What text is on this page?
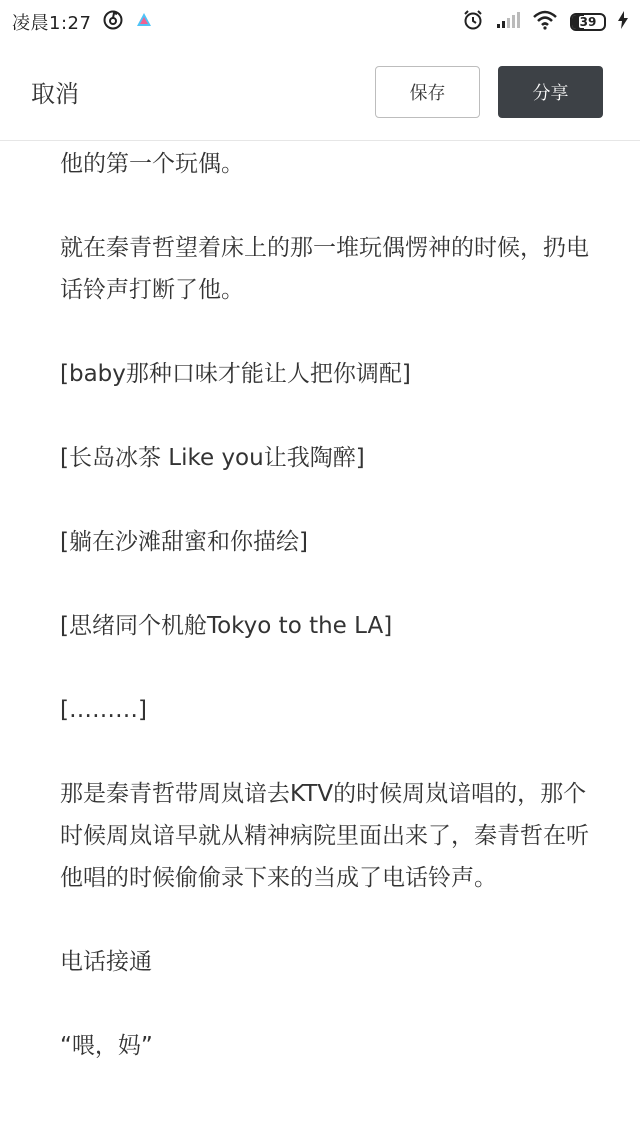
凌晨1:27	39
取消	保存	分享

他的第一个玩偶。

就在秦青哲望着床上的那一堆玩偶愣神的时候，扔电话铃声打断了他。

[baby那种口味才能让人把你调配]

[长岛冰茶 Like you让我陶醉]

[躺在沙滩甜蜜和你描绘]

[思绪同个机舱Tokyo to the LA]

[………]

那是秦青哲带周岚谙去KTV的时候周岚谙唱的，那个时候周岚谙早就从精神病院里面出来了，秦青哲在听他唱的时候偷偷录下来的当成了电话铃声。

电话接通

“喂，妈”
